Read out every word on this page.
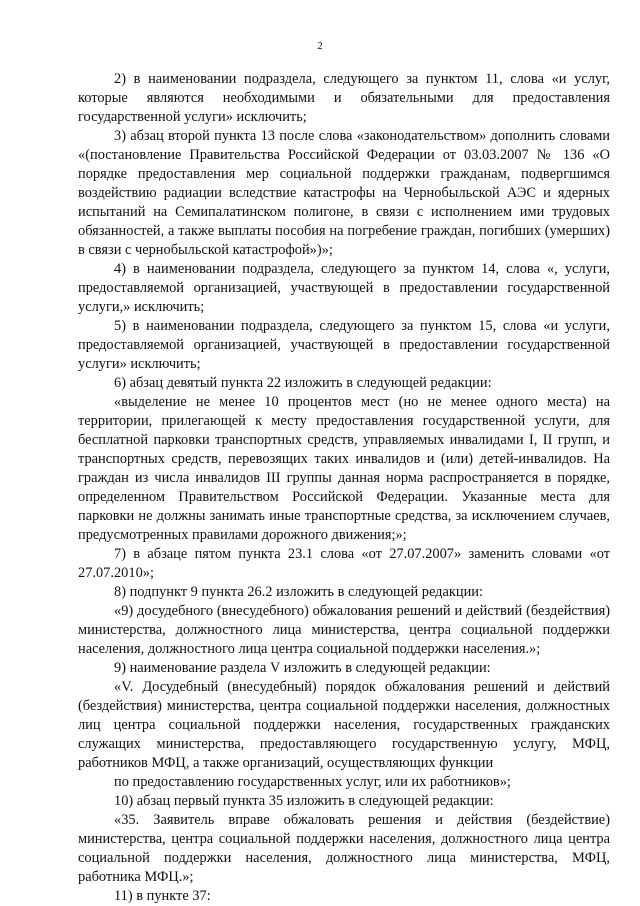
2

2) в наименовании подраздела, следующего за пунктом 11, слова «и услуг, которые являются необходимыми и обязательными для предоставления государственной услуги» исключить;

3) абзац второй пункта 13 после слова «законодательством» дополнить словами «(постановление Правительства Российской Федерации от 03.03.2007 № 136 «О порядке предоставления мер социальной поддержки гражданам, подвергшимся воздействию радиации вследствие катастрофы на Чернобыльской АЭС и ядерных испытаний на Семипалатинском полигоне, в связи с исполнением ими трудовых обязанностей, а также выплаты пособия на погребение граждан, погибших (умерших) в связи с чернобыльской катастрофой»)»;

4) в наименовании подраздела, следующего за пунктом 14, слова «, услуги, предоставляемой организацией, участвующей в предоставлении государственной услуги,» исключить;

5) в наименовании подраздела, следующего за пунктом 15, слова «и услуги, предоставляемой организацией, участвующей в предоставлении государственной услуги» исключить;

6) абзац девятый пункта 22 изложить в следующей редакции:

«выделение не менее 10 процентов мест (но не менее одного места) на территории, прилегающей к месту предоставления государственной услуги, для бесплатной парковки транспортных средств, управляемых инвалидами I, II групп, и транспортных средств, перевозящих таких инвалидов и (или) детей-инвалидов. На граждан из числа инвалидов III группы данная норма распространяется в порядке, определенном Правительством Российской Федерации. Указанные места для парковки не должны занимать иные транспортные средства, за исключением случаев, предусмотренных правилами дорожного движения;»;

7) в абзаце пятом пункта 23.1 слова «от 27.07.2007» заменить словами «от 27.07.2010»;

8) подпункт 9 пункта 26.2 изложить в следующей редакции:

«9) досудебного (внесудебного) обжалования решений и действий (бездействия) министерства, должностного лица министерства, центра социальной поддержки населения, должностного лица центра социальной поддержки населения.»;

9) наименование раздела V изложить в следующей редакции:

«V. Досудебный (внесудебный) порядок обжалования решений и действий (бездействия) министерства, центра социальной поддержки населения, должностных лиц центра социальной поддержки населения, государственных гражданских служащих министерства, предоставляющего государственную услугу, МФЦ, работников МФЦ, а также организаций, осуществляющих функции

по предоставлению государственных услуг, или их работников»;

10) абзац первый пункта 35 изложить в следующей редакции:

«35. Заявитель вправе обжаловать решения и действия (бездействие) министерства, центра социальной поддержки населения, должностного лица центра социальной поддержки населения, должностного лица министерства, МФЦ, работника МФЦ.»;

11) в пункте 37:
